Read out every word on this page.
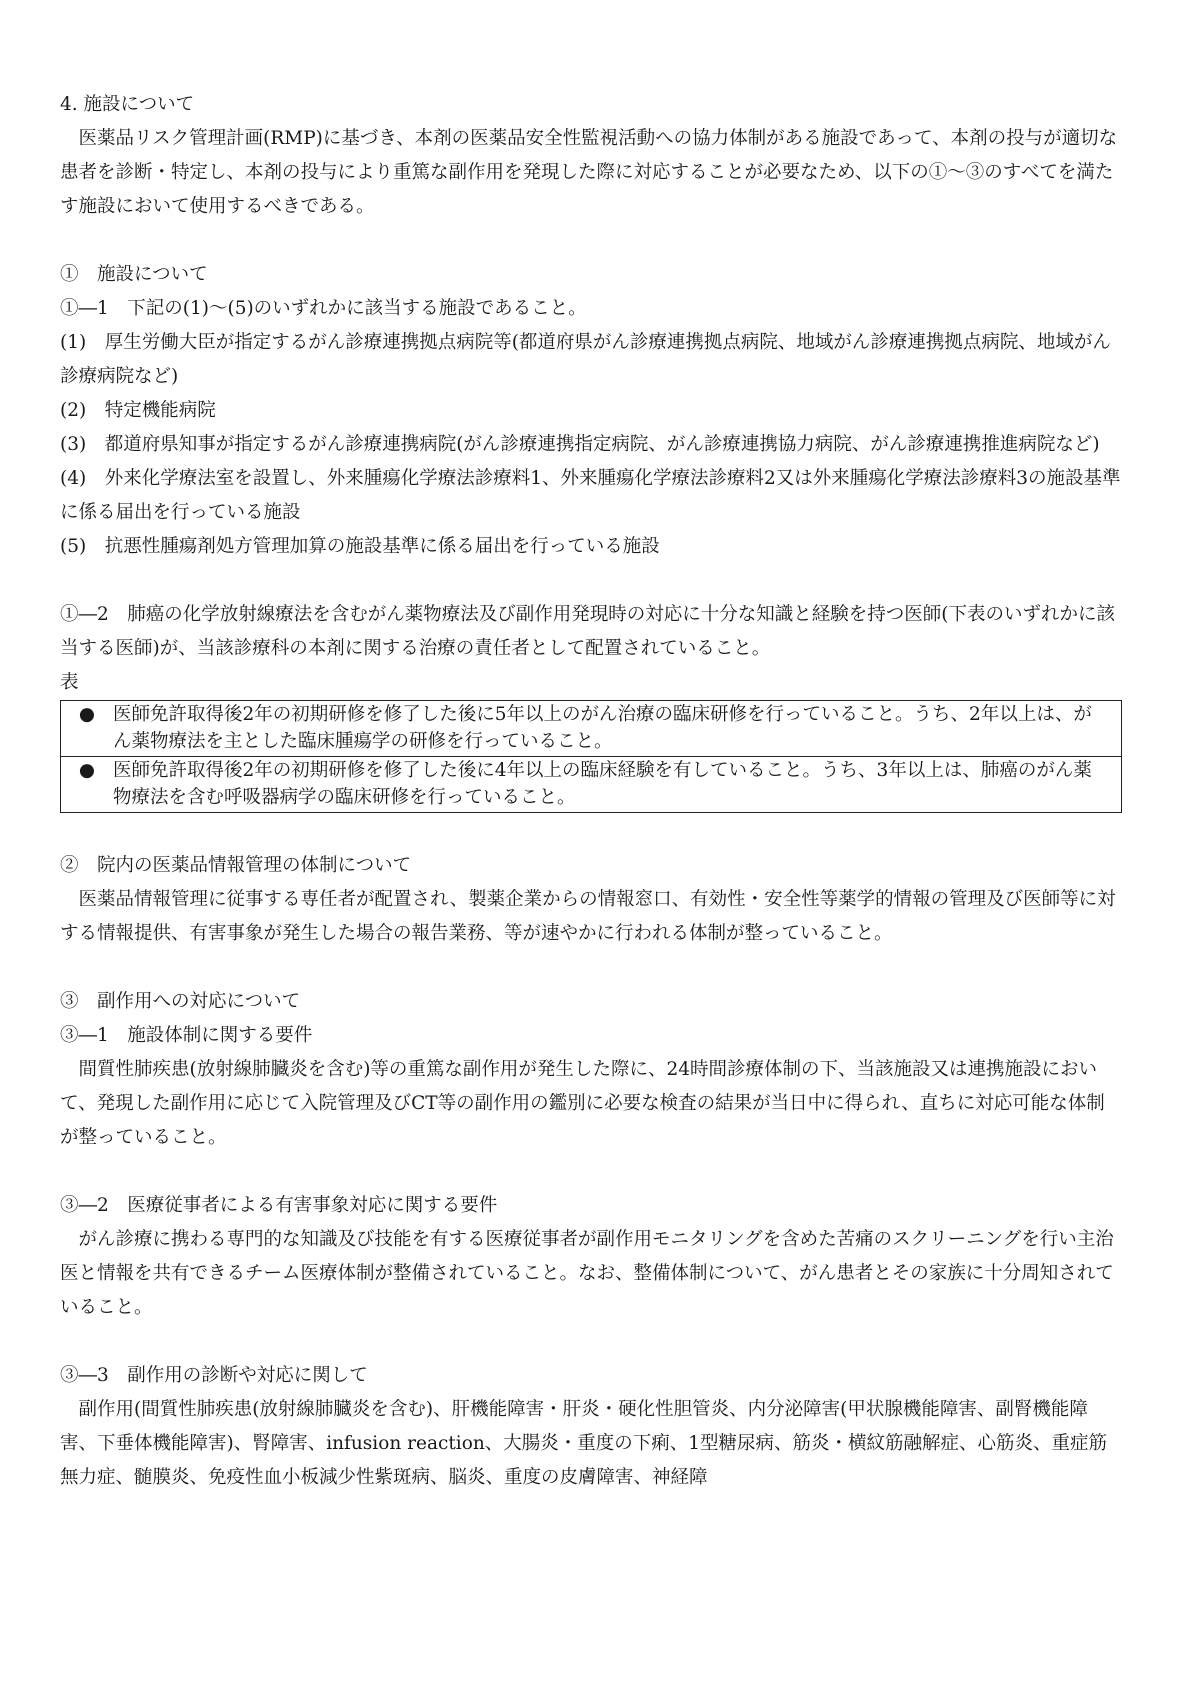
4. 施設について

医薬品リスク管理計画(RMP)に基づき、本剤の医薬品安全性監視活動への協力体制がある施設であって、本剤の投与が適切な患者を診断・特定し、本剤の投与により重篤な副作用を発現した際に対応することが必要なため、以下の①～③のすべてを満たす施設において使用するべきである。

①　施設について

①―1　下記の(1)～(5)のいずれかに該当する施設であること。

(1)　厚生労働大臣が指定するがん診療連携拠点病院等(都道府県がん診療連携拠点病院、地域がん診療連携拠点病院、地域がん診療病院など)

(2)　特定機能病院

(3)　都道府県知事が指定するがん診療連携病院(がん診療連携指定病院、がん診療連携協力病院、がん診療連携推進病院など)

(4)　外来化学療法室を設置し、外来腫瘍化学療法診療料1、外来腫瘍化学療法診療料2又は外来腫瘍化学療法診療料3の施設基準に係る届出を行っている施設

(5)　抗悪性腫瘍剤処方管理加算の施設基準に係る届出を行っている施設

①―2　肺癌の化学放射線療法を含むがん薬物療法及び副作用発現時の対応に十分な知識と経験を持つ医師(下表のいずれかに該当する医師)が、当該診療科の本剤に関する治療の責任者として配置されていること。

表

● 医師免許取得後2年の初期研修を修了した後に5年以上のがん治療の臨床研修を行っていること。うち、2年以上は、がん薬物療法を主とした臨床腫瘍学の研修を行っていること。
● 医師免許取得後2年の初期研修を修了した後に4年以上の臨床経験を有していること。うち、3年以上は、肺癌のがん薬物療法を含む呼吸器病学の臨床研修を行っていること。

②　院内の医薬品情報管理の体制について

医薬品情報管理に従事する専任者が配置され、製薬企業からの情報窓口、有効性・安全性等薬学的情報の管理及び医師等に対する情報提供、有害事象が発生した場合の報告業務、等が速やかに行われる体制が整っていること。

③　副作用への対応について

③―1　施設体制に関する要件

間質性肺疾患(放射線肺臓炎を含む)等の重篤な副作用が発生した際に、24時間診療体制の下、当該施設又は連携施設において、発現した副作用に応じて入院管理及びCT等の副作用の鑑別に必要な検査の結果が当日中に得られ、直ちに対応可能な体制が整っていること。

③―2　医療従事者による有害事象対応に関する要件

がん診療に携わる専門的な知識及び技能を有する医療従事者が副作用モニタリングを含めた苦痛のスクリーニングを行い主治医と情報を共有できるチーム医療体制が整備されていること。なお、整備体制について、がん患者とその家族に十分周知されていること。

③―3　副作用の診断や対応に関して

副作用(間質性肺疾患(放射線肺臓炎を含む)、肝機能障害・肝炎・硬化性胆管炎、内分泌障害(甲状腺機能障害、副腎機能障害、下垂体機能障害)、腎障害、infusion reaction、大腸炎・重度の下痢、1型糖尿病、筋炎・横紋筋融解症、心筋炎、重症筋無力症、髄膜炎、免疫性血小板減少性紫斑病、脳炎、重度の皮膚障害、神経障
